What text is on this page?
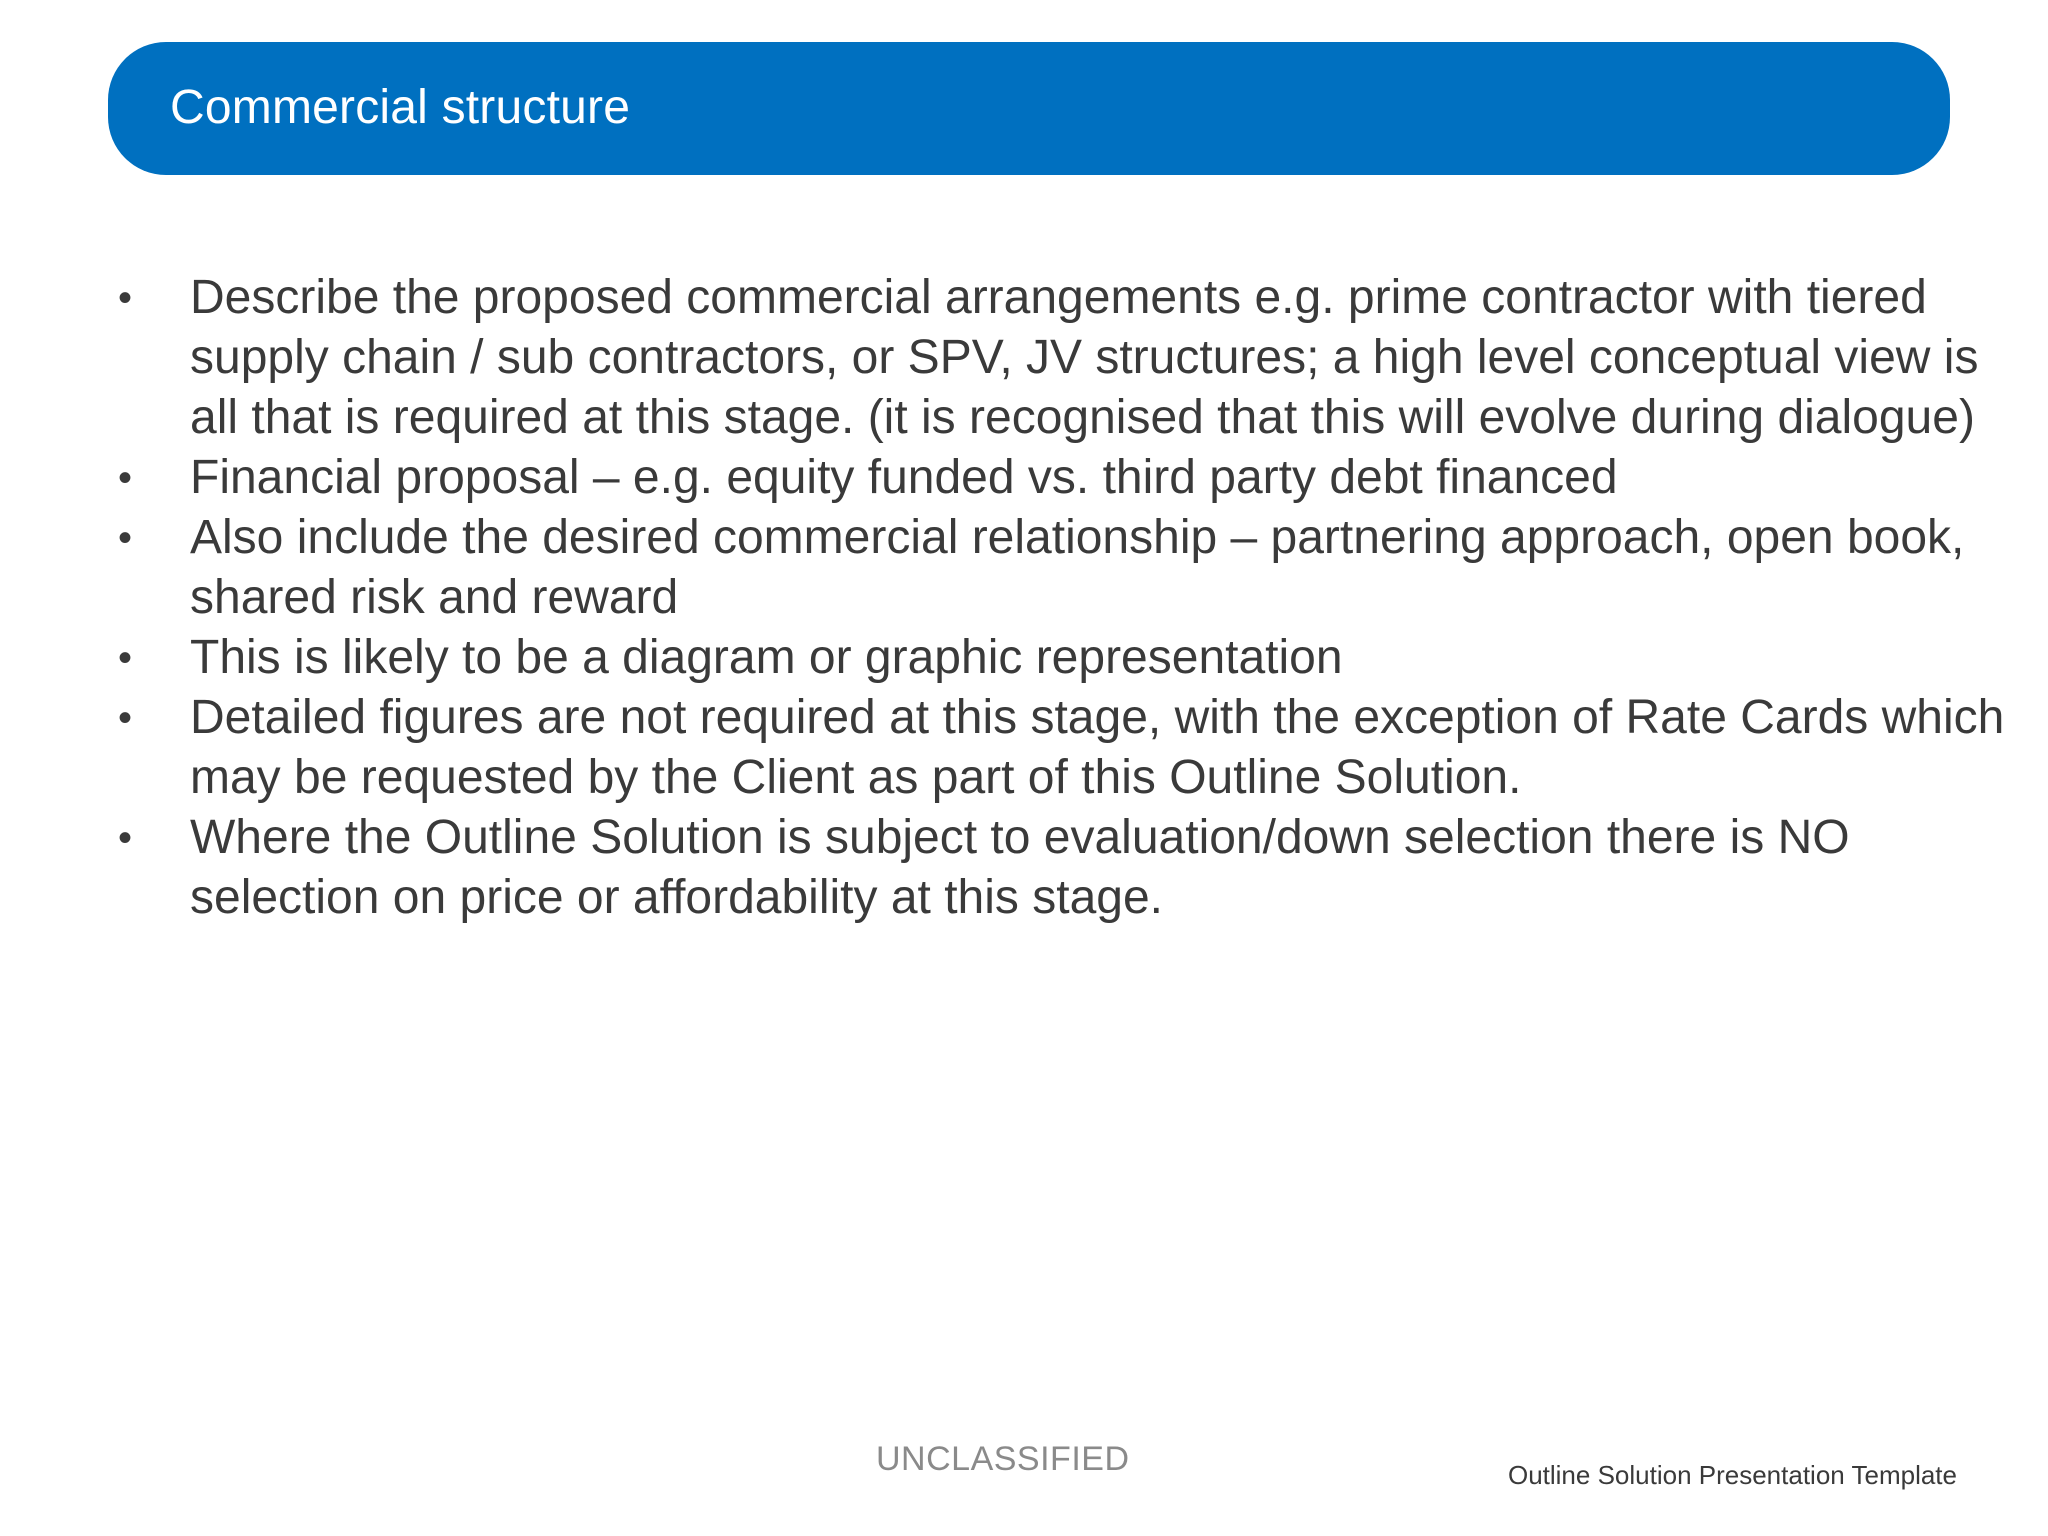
Commercial structure
• Describe the proposed commercial arrangements e.g. prime contractor with tiered supply chain / sub contractors, or SPV, JV structures; a high level conceptual view is all that is required at this stage. (it is recognised that this will evolve during dialogue)
• Financial proposal – e.g. equity funded vs. third party debt financed
• Also include the desired commercial relationship – partnering approach, open book, shared risk and reward
• This is likely to be a diagram or graphic representation
• Detailed figures are not required at this stage, with the exception of Rate Cards which may be requested by the Client as part of this Outline Solution.
• Where the Outline Solution is subject to evaluation/down selection there is NO selection on price or affordability at this stage.
UNCLASSIFIED	Outline Solution Presentation Template
